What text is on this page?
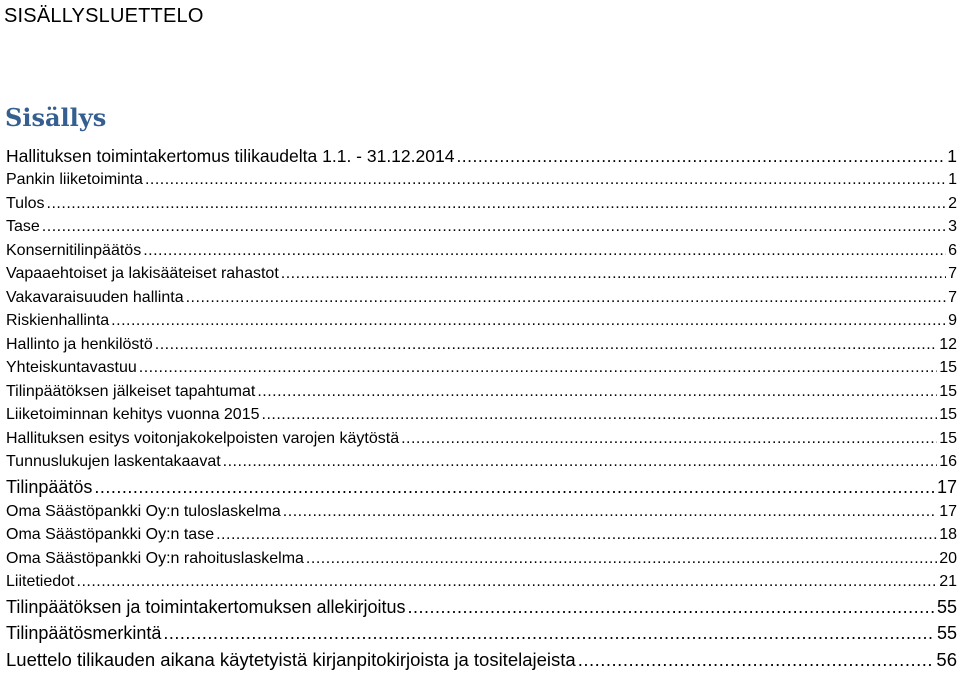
SISÄLLYSLUETTELO
Sisällys
Hallituksen toimintakertomus tilikaudelta 1.1. - 31.12.2014 .....	1
Pankin liiketoiminta .....	1
Tulos .....	2
Tase .....	3
Konsernitilinpäätös .....	6
Vapaaehtoiset ja lakisääteiset rahastot .....	7
Vakavaraisuuden hallinta .....	7
Riskienhallinta .....	9
Hallinto ja henkilöstö .....	12
Yhteiskuntavastuu .....	15
Tilinpäätöksen jälkeiset tapahtumat .....	15
Liiketoiminnan kehitys vuonna 2015 .....	15
Hallituksen esitys voitonjakokelpoisten varojen käytöstä .....	15
Tunnuslukujen laskentakaavat .....	16
Tilinpäätös .....	17
Oma Säästöpankki Oy:n tuloslaskelma .....	17
Oma Säästöpankki Oy:n tase .....	18
Oma Säästöpankki Oy:n rahoituslaskelma .....	20
Liitetiedot .....	21
Tilinpäätöksen ja toimintakertomuksen allekirjoitus .....	55
Tilinpäätösmerkintä .....	55
Luettelo tilikauden aikana käytetyistä kirjanpitokirjoista ja tositelajeista .....	56
